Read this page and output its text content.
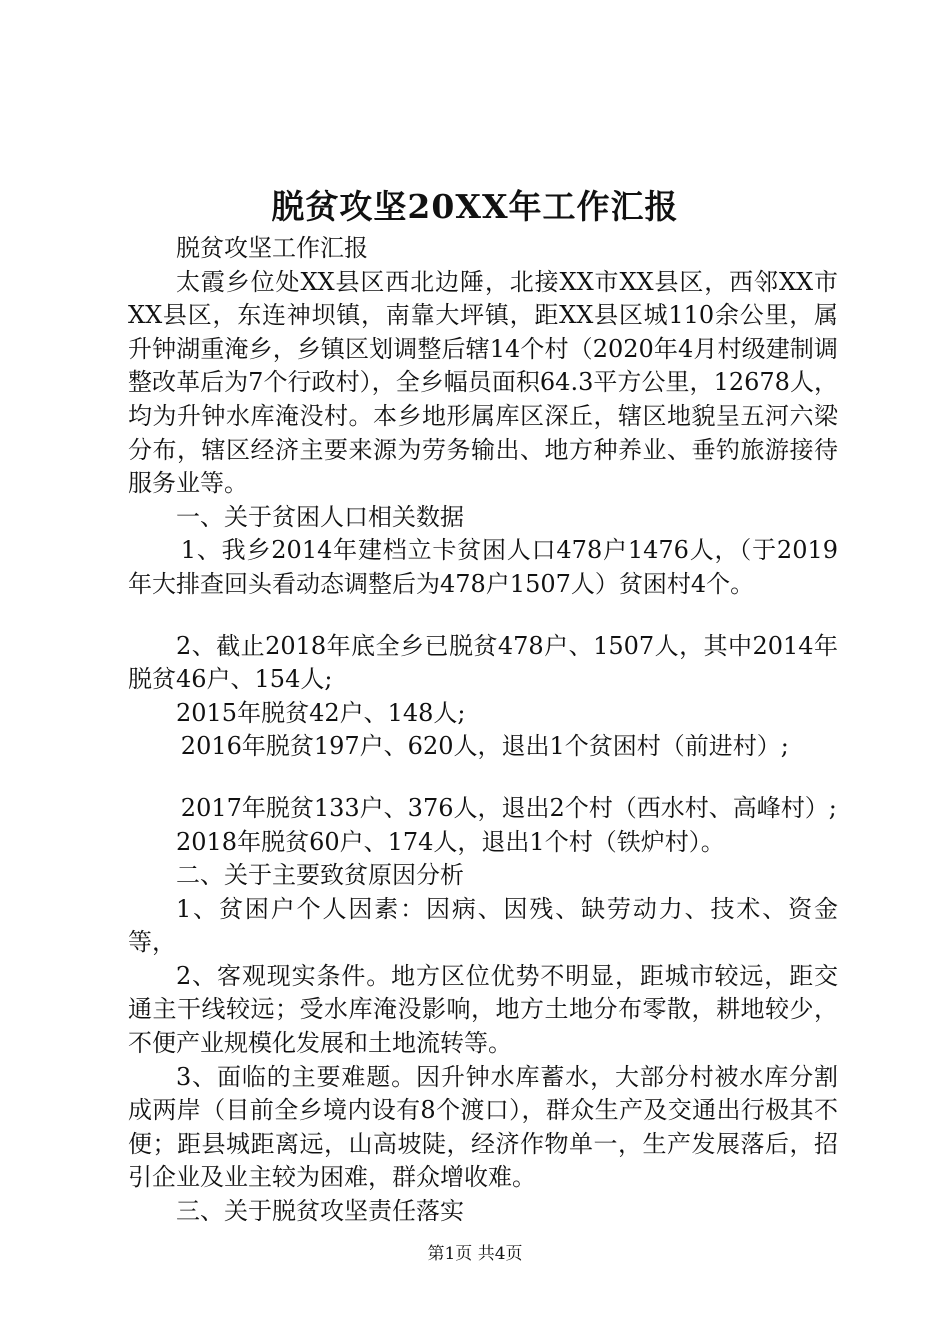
脱贫攻坚20XX年工作汇报

脱贫攻坚工作汇报

太霞乡位处XX县区西北边陲，北接XX市XX县区，西邻XX市XX县区，东连神坝镇，南靠大坪镇，距XX县区城110余公里，属升钟湖重淹乡，乡镇区划调整后辖14个村（2020年4月村级建制调整改革后为7个行政村），全乡幅员面积64.3平方公里，12678人，均为升钟水库淹没村。本乡地形属库区深丘，辖区地貌呈五河六梁分布，辖区经济主要来源为劳务输出、地方种养业、垂钓旅游接待服务业等。

一、关于贫困人口相关数据

1、我乡2014年建档立卡贫困人口478户1476人，（于2019年大排查回头看动态调整后为478户1507人）贫困村4个。

2、截止2018年底全乡已脱贫478户、1507人，其中2014年脱贫46户、154人;

2015年脱贫42户、148人;

2016年脱贫197户、620人，退出1个贫困村（前进村）;

2017年脱贫133户、376人，退出2个村（西水村、高峰村）;

2018年脱贫60户、174人，退出1个村（铁炉村）。

二、关于主要致贫原因分析

1、贫困户个人因素：因病、因残、缺劳动力、技术、资金等，

2、客观现实条件。地方区位优势不明显，距城市较远，距交通主干线较远；受水库淹没影响，地方土地分布零散，耕地较少，不便产业规模化发展和土地流转等。

3、面临的主要难题。因升钟水库蓄水，大部分村被水库分割成两岸（目前全乡境内设有8个渡口），群众生产及交通出行极其不便；距县城距离远，山高坡陡，经济作物单一，生产发展落后，招引企业及业主较为困难，群众增收难。

三、关于脱贫攻坚责任落实

第1页 共4页
